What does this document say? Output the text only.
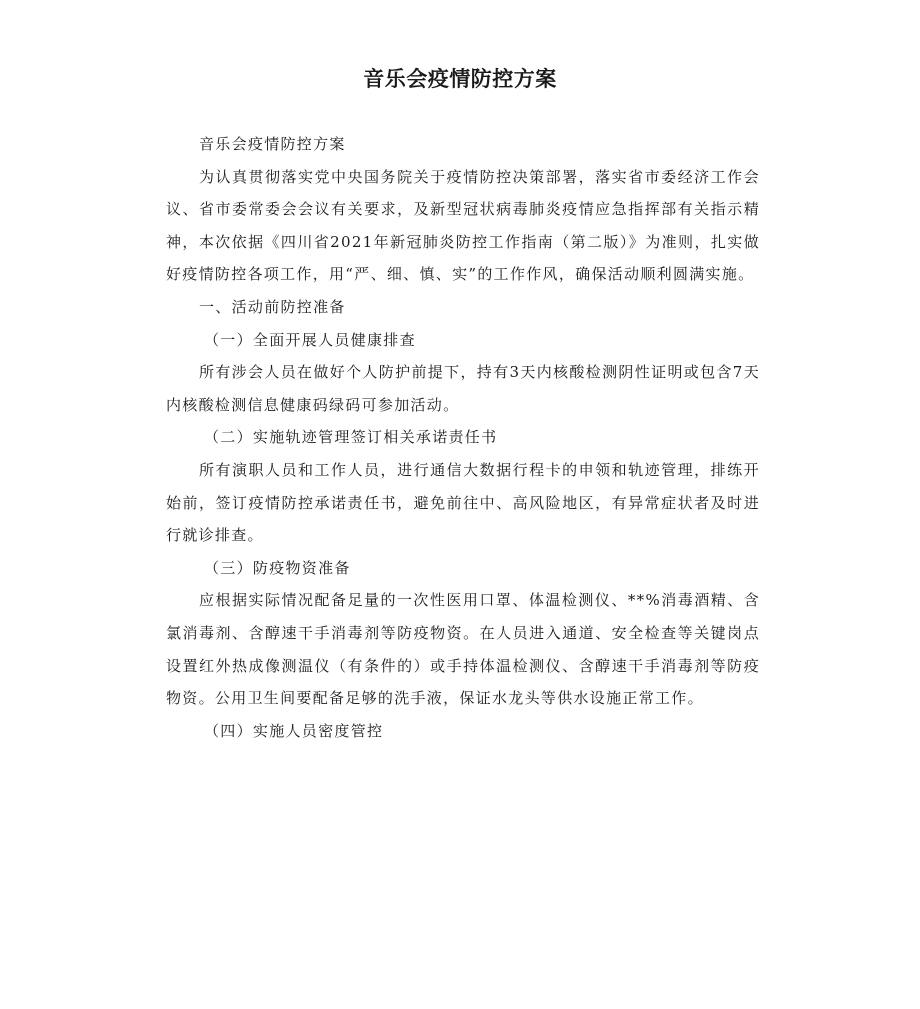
音乐会疫情防控方案

音乐会疫情防控方案

为认真贯彻落实党中央国务院关于疫情防控决策部署，落实省市委经济工作会议、省市委常委会会议有关要求，及新型冠状病毒肺炎疫情应急指挥部有关指示精神，本次依据《四川省2021年新冠肺炎防控工作指南（第二版）》为准则，扎实做好疫情防控各项工作，用“严、细、慎、实”的工作作风，确保活动顺利圆满实施。

一、活动前防控准备

（一）全面开展人员健康排查

所有涉会人员在做好个人防护前提下，持有3天内核酸检测阴性证明或包含7天内核酸检测信息健康码绿码可参加活动。

（二）实施轨迹管理签订相关承诺责任书

所有演职人员和工作人员，进行通信大数据行程卡的申领和轨迹管理，排练开始前，签订疫情防控承诺责任书，避免前往中、高风险地区，有异常症状者及时进行就诊排查。

（三）防疫物资准备

应根据实际情况配备足量的一次性医用口罩、体温检测仪、**%消毒酒精、含氯消毒剂、含醇速干手消毒剂等防疫物资。在人员进入通道、安全检查等关键岗点设置红外热成像测温仪（有条件的）或手持体温检测仪、含醇速干手消毒剂等防疫物资。公用卫生间要配备足够的洗手液，保证水龙头等供水设施正常工作。

（四）实施人员密度管控
